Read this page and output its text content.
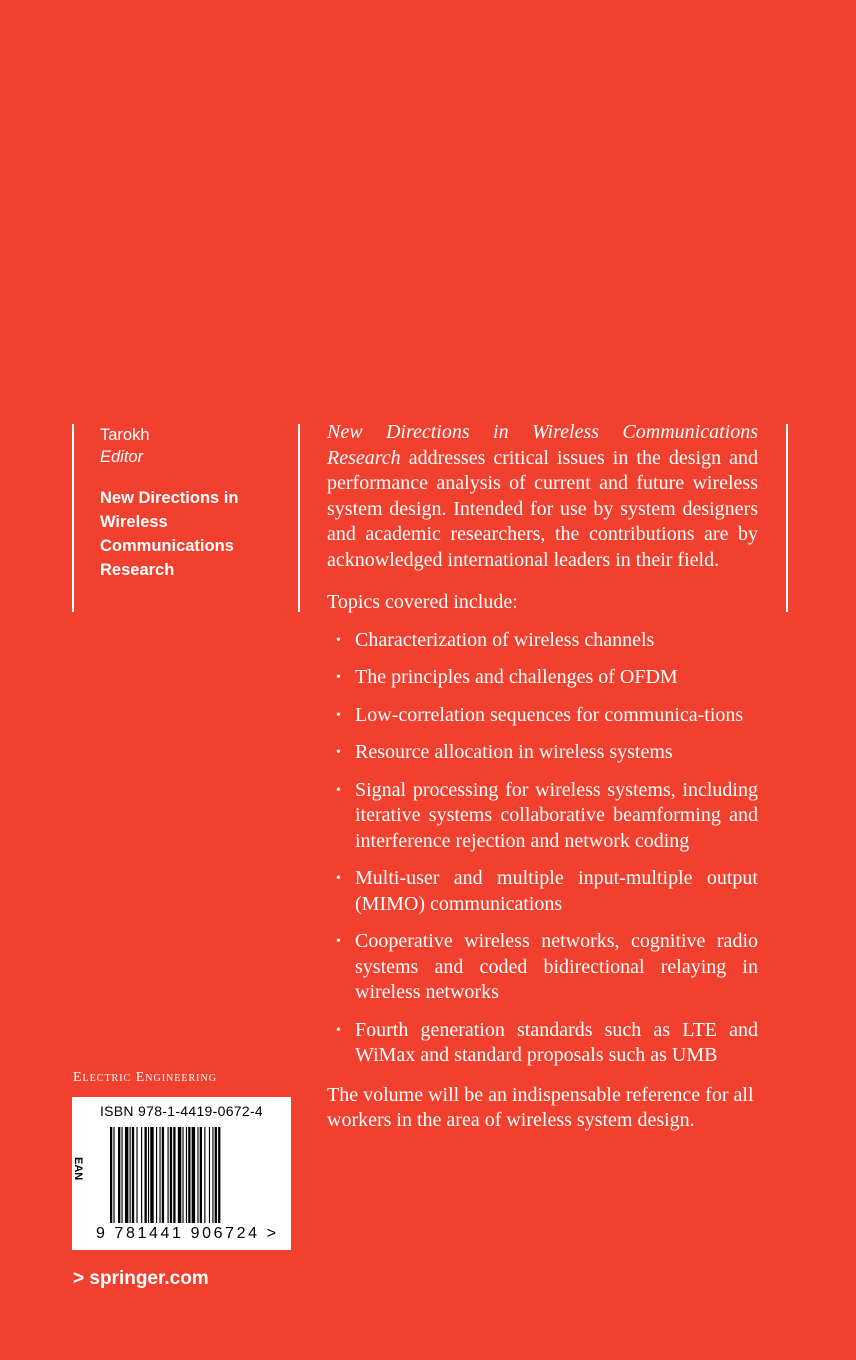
Tarokh
Editor
New Directions in Wireless Communications Research

New Directions in Wireless Communications Research addresses critical issues in the design and performance analysis of current and future wireless system design. Intended for use by system designers and academic researchers, the contributions are by acknowledged international leaders in their field.

Topics covered include:

• Characterization of wireless channels
• The principles and challenges of OFDM
• Low-correlation sequences for communica-tions
• Resource allocation in wireless systems
• Signal processing for wireless systems, including iterative systems collaborative beamforming and interference rejection and network coding
• Multi-user and multiple input-multiple output (MIMO) communications
• Cooperative wireless networks, cognitive radio systems and coded bidirectional relaying in wireless networks
• Fourth generation standards such as LTE and WiMax and standard proposals such as UMB

The volume will be an indispensable reference for all workers in the area of wireless system design.

Electric Engineering
ISBN 978-1-4419-0672-4
EAN
9 781441 906724 >
> springer.com
